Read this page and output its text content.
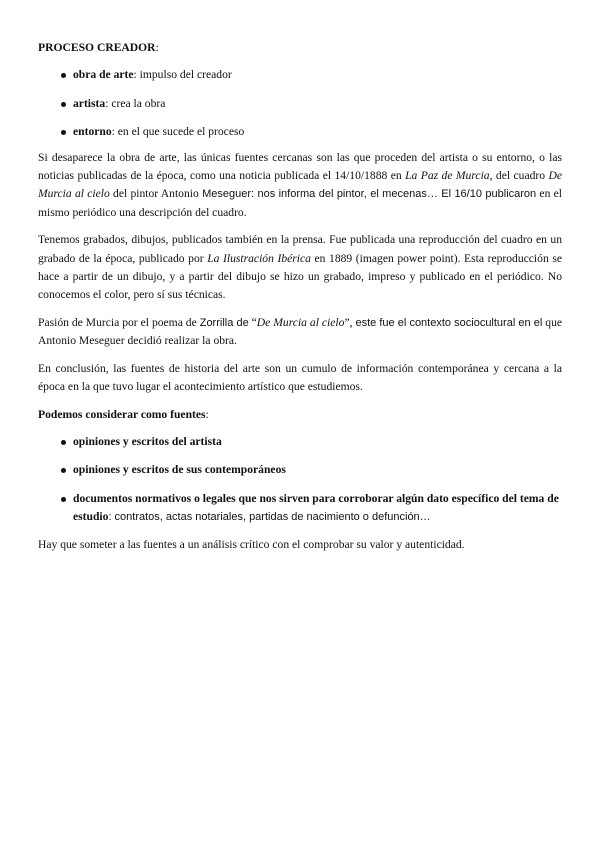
PROCESO CREADOR:

obra de arte: impulso del creador
artista: crea la obra
entorno: en el que sucede el proceso

Si desaparece la obra de arte, las únicas fuentes cercanas son las que proceden del artista o su entorno, o las noticias publicadas de la época, como una noticia publicada el 14/10/1888 en La Paz de Murcia, del cuadro De Murcia al cielo del pintor Antonio Meseguer: nos informa del pintor, el mecenas… El 16/10 publicaron en el mismo periódico una descripción del cuadro.

Tenemos grabados, dibujos, publicados también en la prensa. Fue publicada una reproducción del cuadro en un grabado de la época, publicado por La Ilustración Ibérica en 1889 (imagen power point). Esta reproducción se hace a partir de un dibujo, y a partir del dibujo se hizo un grabado, impreso y publicado en el periódico. No conocemos el color, pero sí sus técnicas.

Pasión de Murcia por el poema de Zorrilla de “De Murcia al cielo”, este fue el contexto sociocultural en el que Antonio Meseguer decidió realizar la obra.

En conclusión, las fuentes de historia del arte son un cumulo de información contemporánea y cercana a la época en la que tuvo lugar el acontecimiento artístico que estudiemos.

Podemos considerar como fuentes:

opiniones y escritos del artista
opiniones y escritos de sus contemporáneos
documentos normativos o legales que nos sirven para corroborar algún dato específico del tema de estudio: contratos, actas notariales, partidas de nacimiento o defunción…

Hay que someter a las fuentes a un análisis crítico con el comprobar su valor y autenticidad.
